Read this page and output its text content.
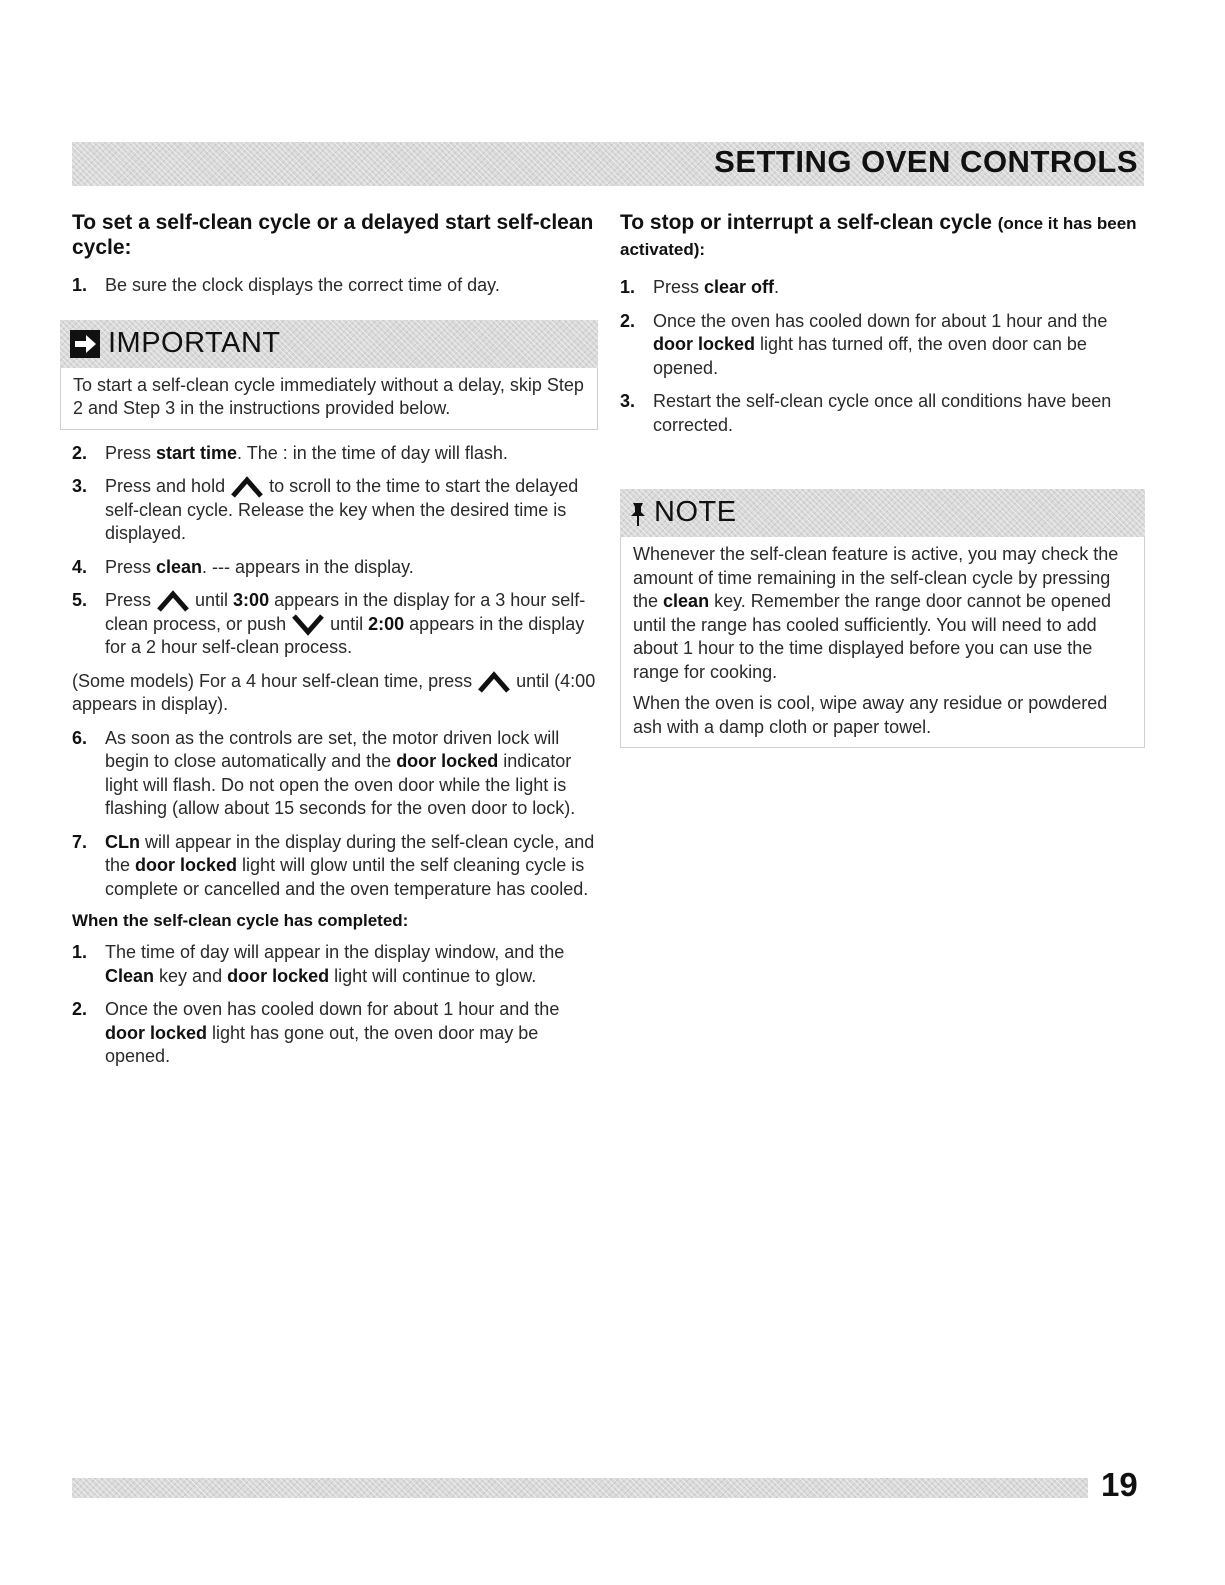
SETTING OVEN CONTROLS
To set a self-clean cycle or a delayed start self-clean cycle:
1. Be sure the clock displays the correct time of day.
IMPORTANT

To start a self-clean cycle immediately without a delay, skip Step 2 and Step 3 in the instructions provided below.

2. Press start time. The : in the time of day will flash.
3. Press and hold  to scroll to the time to start the delayed self-clean cycle. Release the key when the desired time is displayed.
4. Press clean. --- appears in the display.
5. Press  until 3:00 appears in the display for a 3 hour self-clean process, or push  until 2:00 appears in the display for a 2 hour self-clean process.

(Some models) For a 4 hour self-clean time, press  until (4:00 appears in display).

6. As soon as the controls are set, the motor driven lock will begin to close automatically and the door locked indicator light will flash. Do not open the oven door while the light is flashing (allow about 15 seconds for the oven door to lock).
7. CLn will appear in the display during the self-clean cycle, and the door locked light will glow until the self cleaning cycle is complete or cancelled and the oven temperature has cooled.
When the self-clean cycle has completed:
1. The time of day will appear in the display window, and the Clean key and door locked light will continue to glow.
2. Once the oven has cooled down for about 1 hour and the door locked light has gone out, the oven door may be opened.
To stop or interrupt a self-clean cycle (once it has been activated):
1. Press clear off.
2. Once the oven has cooled down for about 1 hour and the door locked light has turned off, the oven door can be opened.
3. Restart the self-clean cycle once all conditions have been corrected.
NOTE

Whenever the self-clean feature is active, you may check the amount of time remaining in the self-clean cycle by pressing the clean key. Remember the range door cannot be opened until the range has cooled sufficiently. You will need to add about 1 hour to the time displayed before you can use the range for cooking.

When the oven is cool, wipe away any residue or powdered ash with a damp cloth or paper towel.

19
